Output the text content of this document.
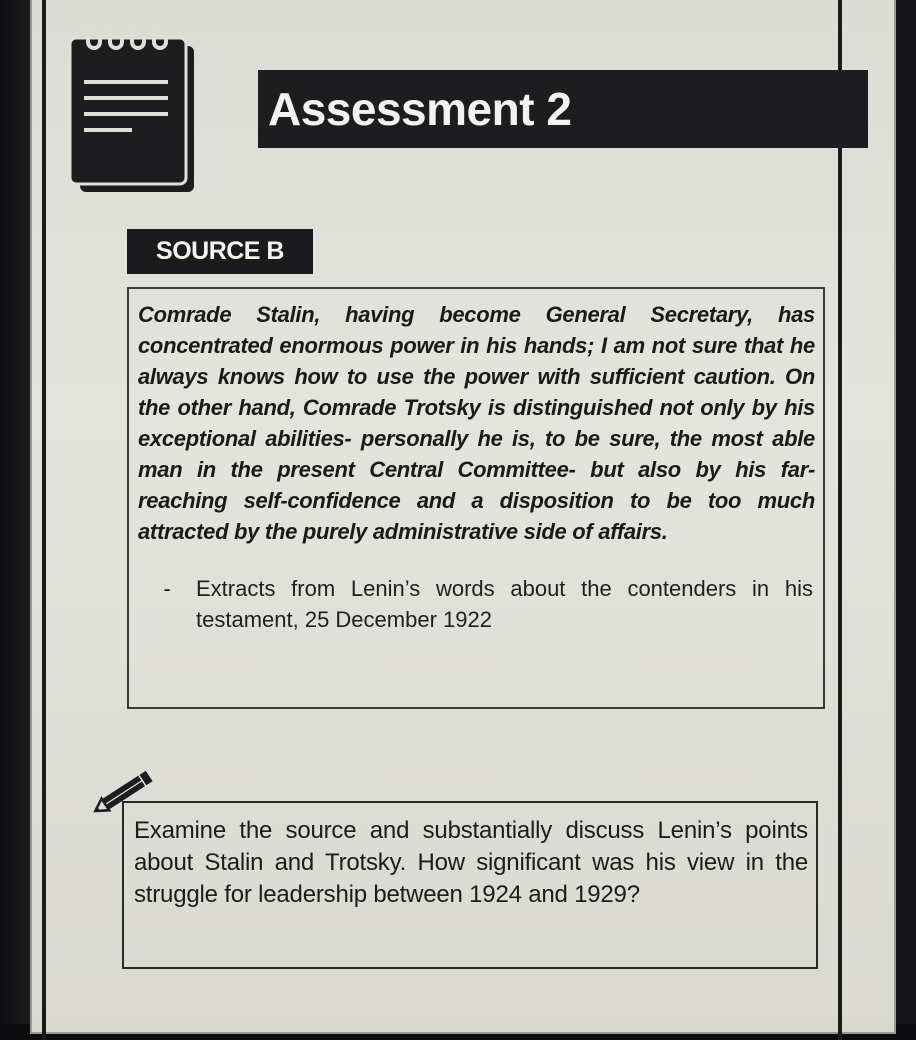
Assessment 2
SOURCE B

Comrade Stalin, having become General Secretary, has concentrated enormous power in his hands; I am not sure that he always knows how to use the power with sufficient caution. On the other hand, Comrade Trotsky is distinguished not only by his exceptional abilities- personally he is, to be sure, the most able man in the present Central Committee- but also by his far-reaching self-confidence and a disposition to be too much attracted by the purely administrative side of affairs.

-	Extracts from Lenin’s words about the contenders in his testament, 25 December 1922

Examine the source and substantially discuss Lenin’s points about Stalin and Trotsky. How significant was his view in the struggle for leadership between 1924 and 1929?
